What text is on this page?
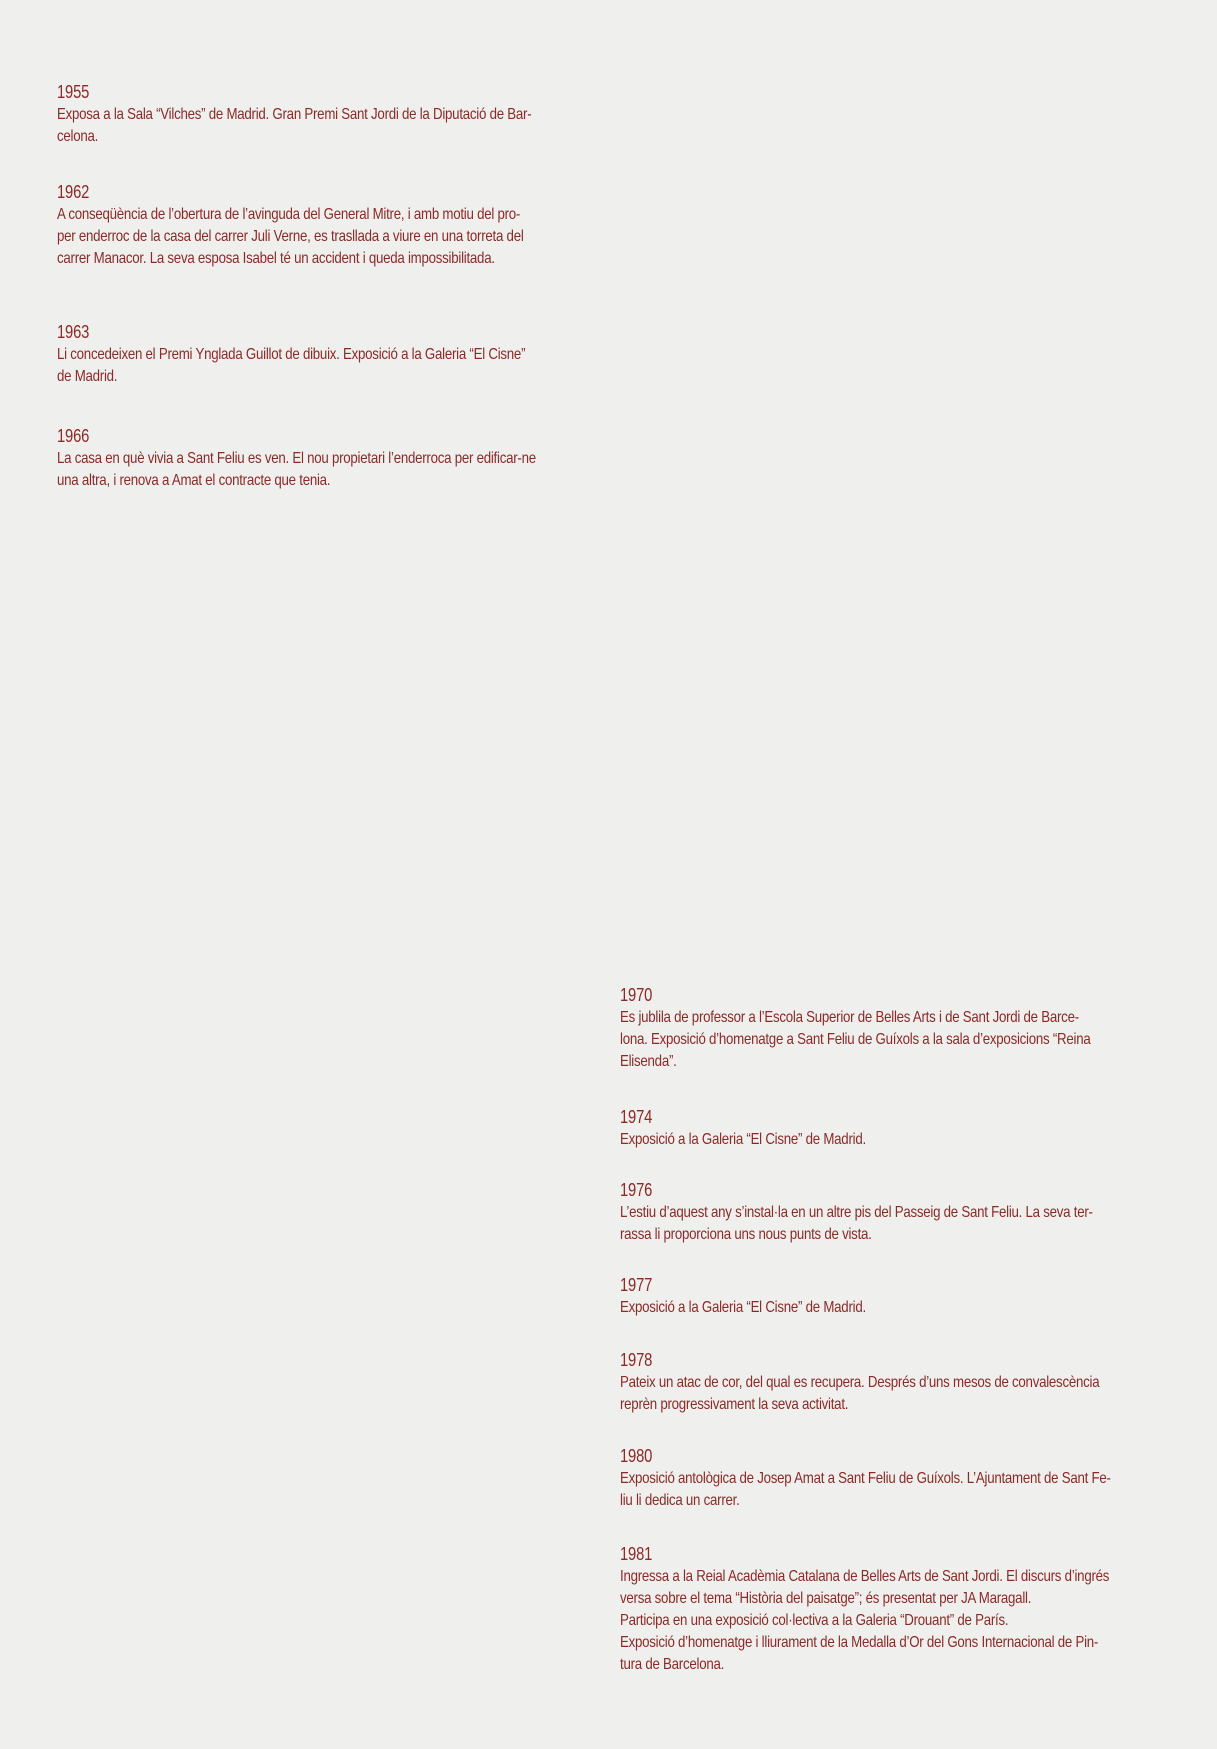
1955
Exposa a la Sala “Vilches” de Madrid. Gran Premi Sant Jordi de la Diputació de Bar-
celona.
1962
A conseqüència de l’obertura de l’avinguda del General Mitre, i amb motiu del pro-
per enderroc de la casa del carrer Juli Verne, es trasllada a viure en una torreta del
carrer Manacor. La seva esposa Isabel té un accident i queda impossibilitada.
1963
Li concedeixen el Premi Ynglada Guillot de dibuix. Exposició a la Galeria “El Cisne”
de Madrid.
1966
La casa en què vivia a Sant Feliu es ven. El nou propietari l’enderroca per edificar-ne
una altra, i renova a Amat el contracte que tenia.
1970
Es jublila de professor a l’Escola Superior de Belles Arts i de Sant Jordi de Barce-
lona. Exposició d’homenatge a Sant Feliu de Guíxols a la sala d’exposicions “Reina
Elisenda”.
1974
Exposició a la Galeria “El Cisne” de Madrid.
1976
L’estiu d’aquest any s’instal·la en un altre pis del Passeig de Sant Feliu. La seva ter-
rassa li proporciona uns nous punts de vista.
1977
Exposició a la Galeria “El Cisne” de Madrid.
1978
Pateix un atac de cor, del qual es recupera. Després d’uns mesos de convalescència
reprèn progressivament la seva activitat.
1980
Exposició antològica de Josep Amat a Sant Feliu de Guíxols. L’Ajuntament de Sant Fe-
liu li dedica un carrer.
1981
Ingressa a la Reial Acadèmia Catalana de Belles Arts de Sant Jordi. El discurs d’ingrés
versa sobre el tema “Història del paisatge”; és presentat per JA Maragall.
Participa en una exposició col·lectiva a la Galeria “Drouant” de París.
Exposició d’homenatge i lliurament de la Medalla d’Or del Gons Internacional de Pin-
tura de Barcelona.
